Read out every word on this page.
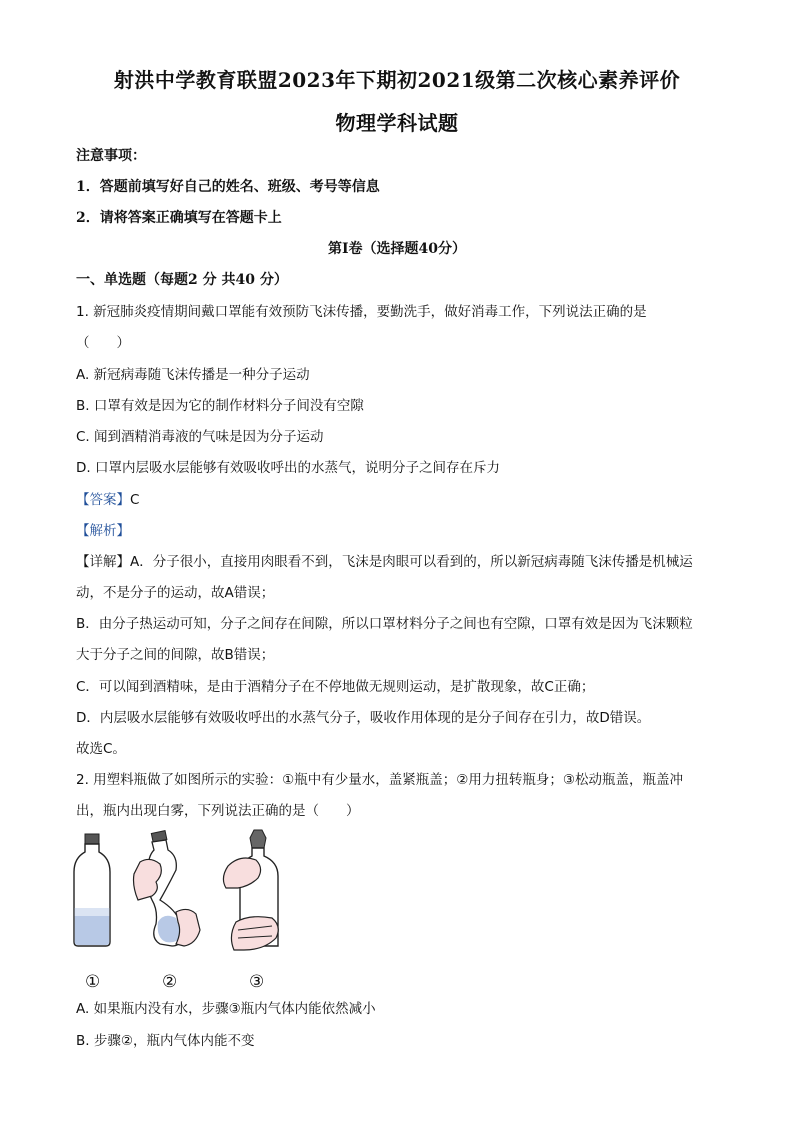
射洪中学教育联盟2023年下期初2021级第二次核心素养评价
物理学科试题
注意事项：
1．答题前填写好自己的姓名、班级、考号等信息
2．请将答案正确填写在答题卡上
第I卷（选择题40分）
一、单选题（每题2 分 共40 分）
1. 新冠肺炎疫情期间戴口罩能有效预防飞沫传播，要勤洗手，做好消毒工作，下列说法正确的是
（　　）
A. 新冠病毒随飞沫传播是一种分子运动
B. 口罩有效是因为它的制作材料分子间没有空隙
C. 闻到酒精消毒液的气味是因为分子运动
D. 口罩内层吸水层能够有效吸收呼出的水蒸气，说明分子之间存在斥力
【答案】C
【解析】
【详解】A．分子很小，直接用肉眼看不到，飞沫是肉眼可以看到的，所以新冠病毒随飞沫传播是机械运
动，不是分子的运动，故A错误；
B．由分子热运动可知，分子之间存在间隙，所以口罩材料分子之间也有空隙，口罩有效是因为飞沫颗粒
大于分子之间的间隙，故B错误；
C．可以闻到酒精味，是由于酒精分子在不停地做无规则运动，是扩散现象，故C正确；
D．内层吸水层能够有效吸收呼出的水蒸气分子，吸收作用体现的是分子间存在引力，故D错误。
故选C。
2. 用塑料瓶做了如图所示的实验：①瓶中有少量水，盖紧瓶盖；②用力扭转瓶身；③松动瓶盖，瓶盖冲
出，瓶内出现白雾，下列说法正确的是（　　）
①	②	③
A. 如果瓶内没有水，步骤③瓶内气体内能依然减小
B. 步骤②，瓶内气体内能不变
